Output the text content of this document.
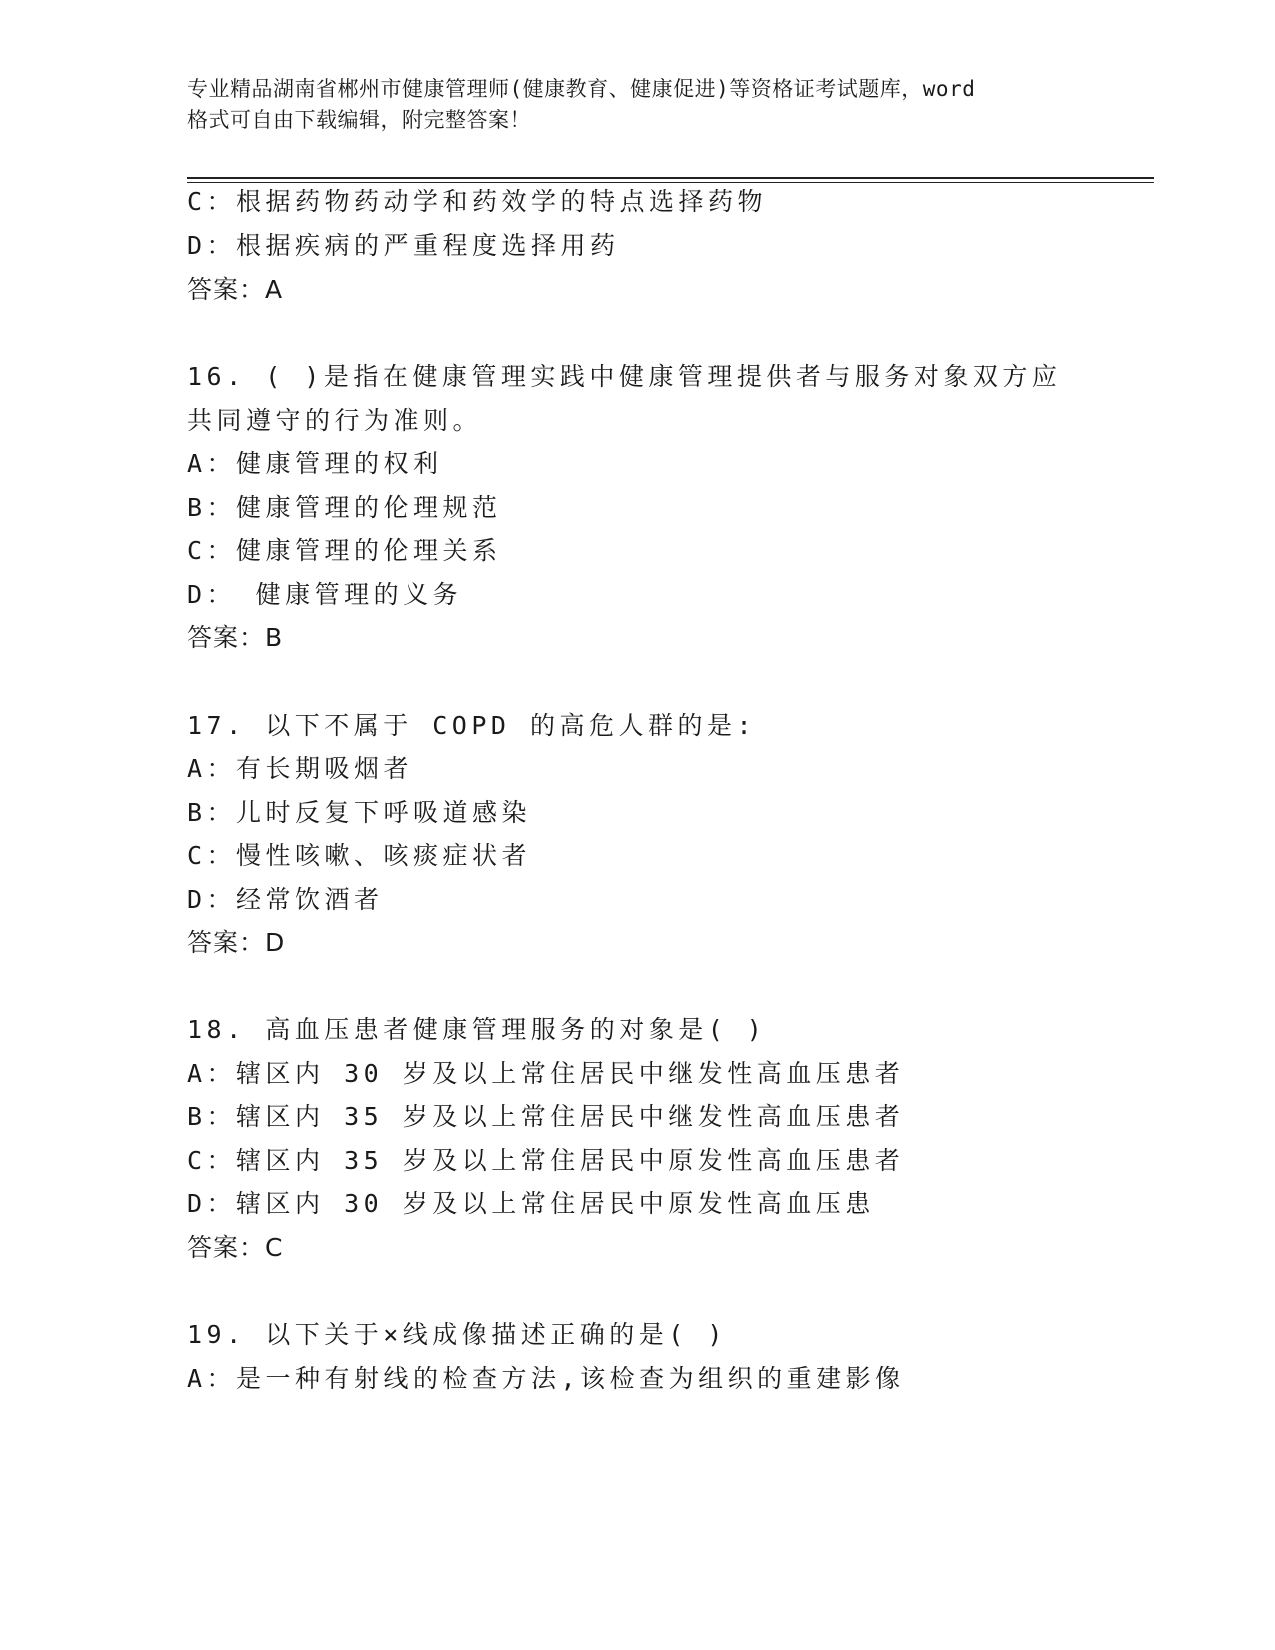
专业精品湖南省郴州市健康管理师(健康教育、健康促进)等资格证考试题库，word
格式可自由下载编辑，附完整答案！
C：根据药物药动学和药效学的特点选择药物
D：根据疾病的严重程度选择用药
答案：A
16. ( )是指在健康管理实践中健康管理提供者与服务对象双方应
共同遵守的行为准则。
A：健康管理的权利
B：健康管理的伦理规范
C：健康管理的伦理关系
D： 健康管理的义务
答案：B
17. 以下不属于 COPD 的高危人群的是:
A：有长期吸烟者
B：儿时反复下呼吸道感染
C：慢性咳嗽、咳痰症状者
D：经常饮酒者
答案：D
18. 高血压患者健康管理服务的对象是( )
A：辖区内 30 岁及以上常住居民中继发性高血压患者
B：辖区内 35 岁及以上常住居民中继发性高血压患者
C：辖区内 35 岁及以上常住居民中原发性高血压患者
D：辖区内 30 岁及以上常住居民中原发性高血压患
答案：C
19. 以下关于×线成像描述正确的是( )
A：是一种有射线的检查方法,该检查为组织的重建影像
